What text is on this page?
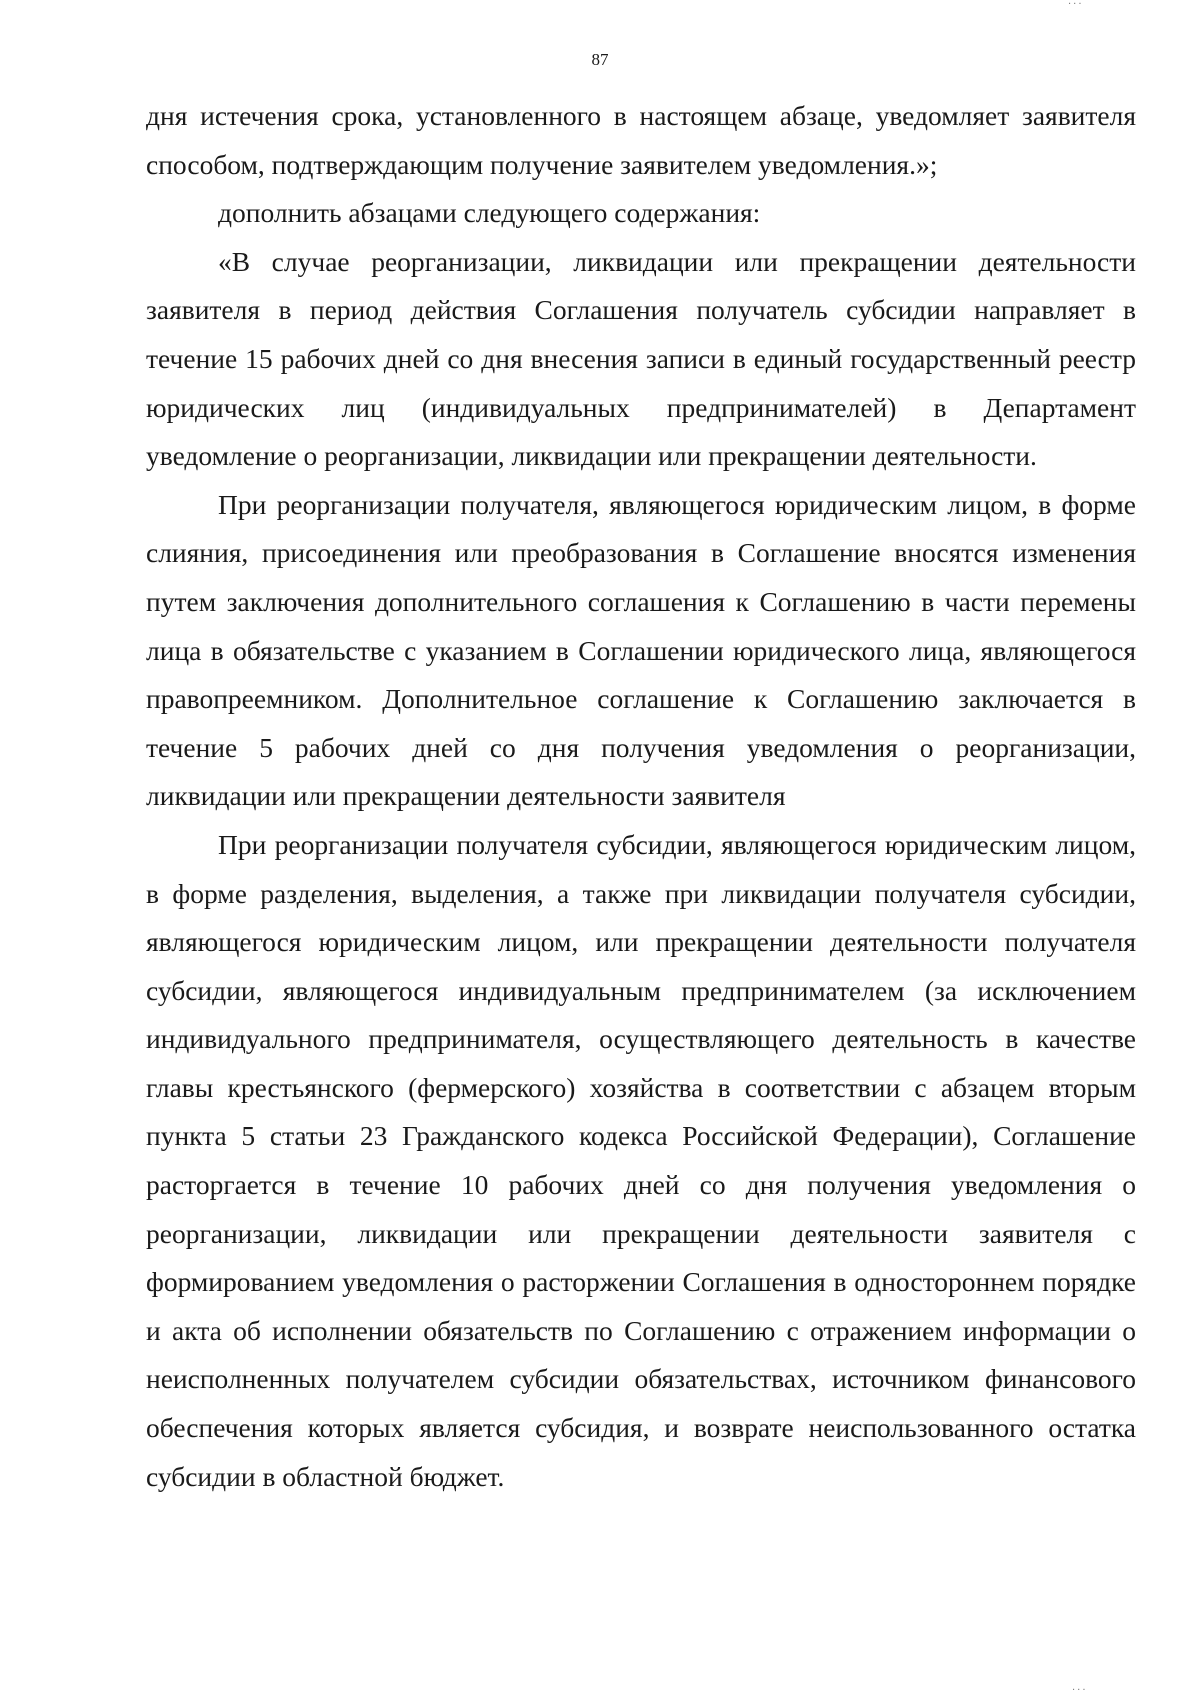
...
87

дня истечения срока, установленного в настоящем абзаце, уведомляет заявителя способом, подтверждающим получение заявителем уведомления.»;

дополнить абзацами следующего содержания:

«В случае реорганизации, ликвидации или прекращении деятельности заявителя в период действия Соглашения получатель субсидии направляет в течение 15 рабочих дней со дня внесения записи в единый государственный реестр юридических лиц (индивидуальных предпринимателей) в Департамент уведомление о реорганизации, ликвидации или прекращении деятельности.

При реорганизации получателя, являющегося юридическим лицом, в форме слияния, присоединения или преобразования в Соглашение вносятся изменения путем заключения дополнительного соглашения к Соглашению в части перемены лица в обязательстве с указанием в Соглашении юридического лица, являющегося правопреемником. Дополнительное соглашение к Соглашению заключается в течение 5 рабочих дней со дня получения уведомления о реорганизации, ликвидации или прекращении деятельности заявителя

При реорганизации получателя субсидии, являющегося юридическим лицом, в форме разделения, выделения, а также при ликвидации получателя субсидии, являющегося юридическим лицом, или прекращении деятельности получателя субсидии, являющегося индивидуальным предпринимателем (за исключением индивидуального предпринимателя, осуществляющего деятельность в качестве главы крестьянского (фермерского) хозяйства в соответствии с абзацем вторым пункта 5 статьи 23 Гражданского кодекса Российской Федерации), Соглашение расторгается в течение 10 рабочих дней со дня получения уведомления о реорганизации, ликвидации или прекращении деятельности заявителя с формированием уведомления о расторжении Соглашения в одностороннем порядке и акта об исполнении обязательств по Соглашению с отражением информации о неисполненных получателем субсидии обязательствах, источником финансового обеспечения которых является субсидия, и возврате неиспользованного остатка субсидии в областной бюджет.

...
